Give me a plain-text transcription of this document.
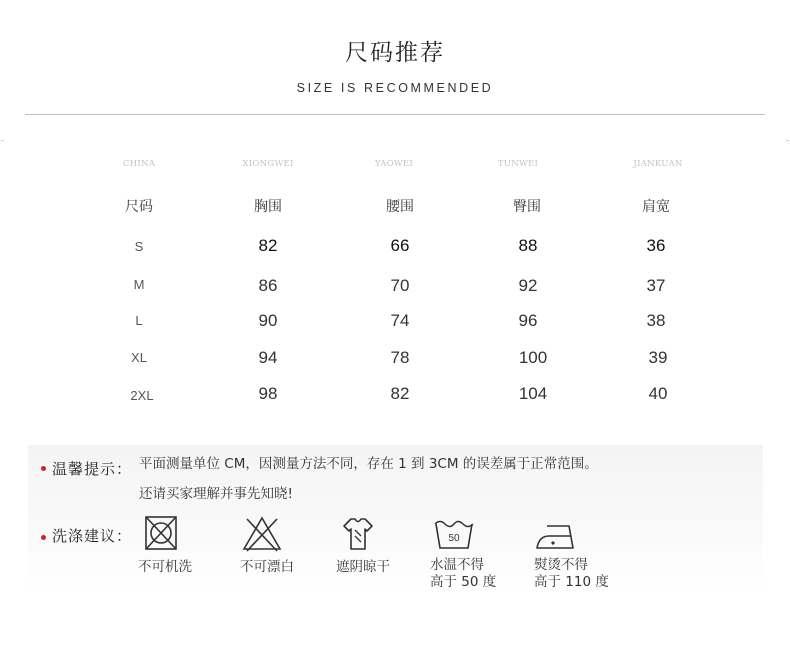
尺码推荐
SIZE IS RECOMMENDED
CHINA	XIONGWEI	YAOWEI	TUNWEI	JIANKUAN
尺码	胸围	腰围	臀围	肩宽
S	82	66	88	36
M	86	70	92	37
L	90	74	96	38
XL	94	78	100	39
2XL	98	82	104	40
温馨提示： 平面测量单位 CM，因测量方法不同，存在 1 到 3CM 的误差属于正常范围。
还请买家理解并事先知晓!
洗涤建议：
不可机洗	不可漂白	遮阴晾干
50
水温不得
高于 50 度
熨烫不得
高于 110 度
